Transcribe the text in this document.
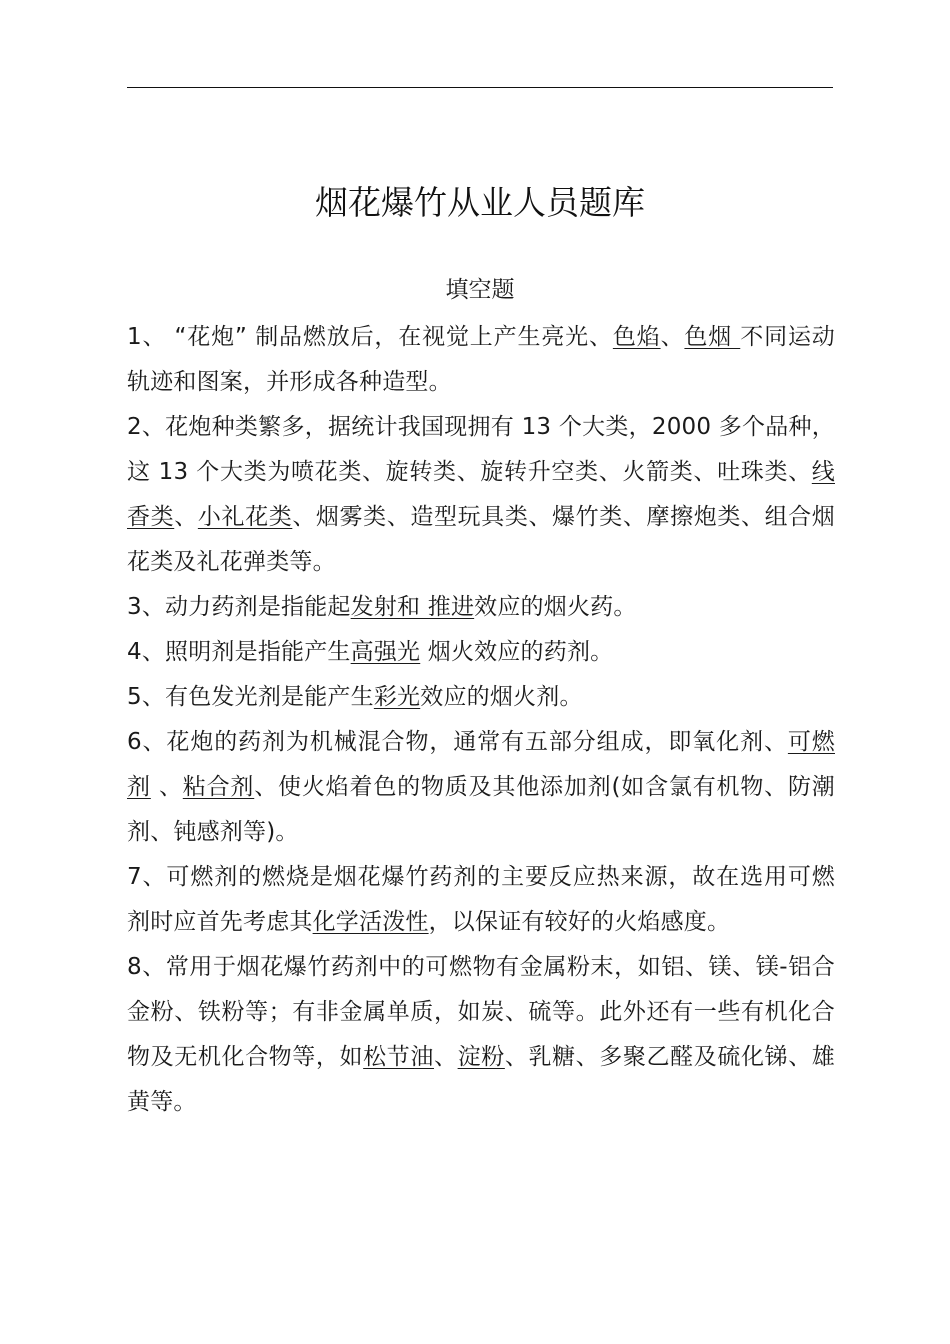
烟花爆竹从业人员题库
填空题

1、 “花炮” 制品燃放后，在视觉上产生亮光、色焰、色烟 不同运动轨迹和图案，并形成各种造型。

2、花炮种类繁多，据统计我国现拥有 13 个大类，2000 多个品种，这 13 个大类为喷花类、旋转类、旋转升空类、火箭类、吐珠类、线香类、小礼花类、烟雾类、造型玩具类、爆竹类、摩擦炮类、组合烟花类及礼花弹类等。

3、动力药剂是指能起发射和 推进效应的烟火药。

4、照明剂是指能产生高强光 烟火效应的药剂。

5、有色发光剂是能产生彩光效应的烟火剂。

6、花炮的药剂为机械混合物，通常有五部分组成，即氧化剂、可燃剂 、粘合剂、使火焰着色的物质及其他添加剂(如含氯有机物、防潮剂、钝感剂等)。

7、可燃剂的燃烧是烟花爆竹药剂的主要反应热来源，故在选用可燃剂时应首先考虑其化学活泼性，以保证有较好的火焰感度。

8、常用于烟花爆竹药剂中的可燃物有金属粉末，如铝、镁、镁-铝合金粉、铁粉等；有非金属单质，如炭、硫等。此外还有一些有机化合物及无机化合物等，如松节油、淀粉、乳糖、多聚乙醛及硫化锑、雄黄等。
